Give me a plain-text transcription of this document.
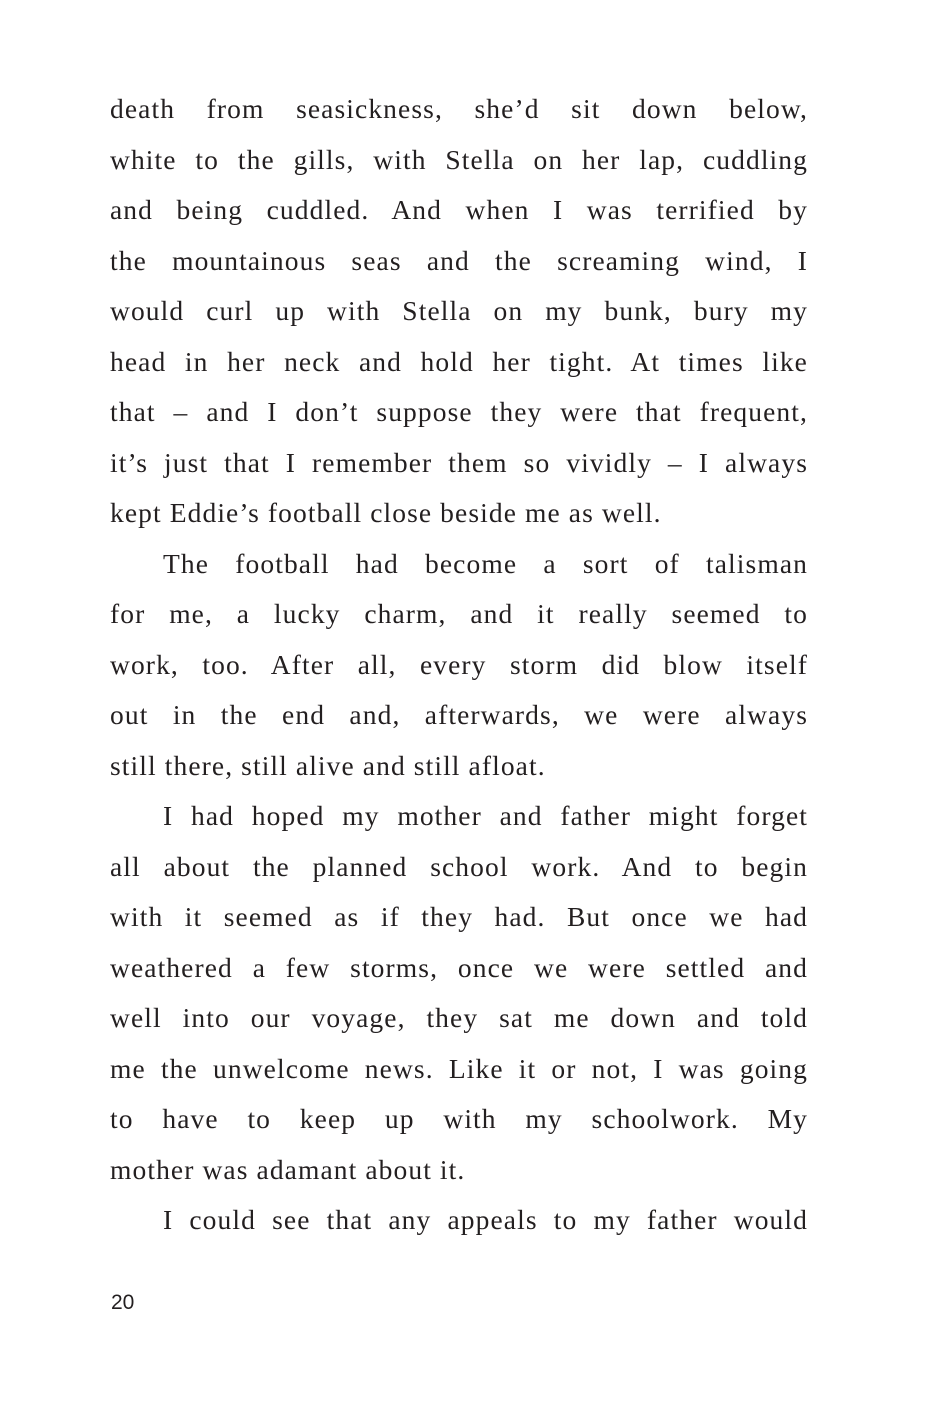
death from seasickness, she’d sit down below,
white to the gills, with Stella on her lap, cuddling
and being cuddled. And when I was terrified by
the mountainous seas and the screaming wind, I
would curl up with Stella on my bunk, bury my
head in her neck and hold her tight. At times like
that – and I don’t suppose they were that frequent,
it’s just that I remember them so vividly – I always
kept Eddie’s football close beside me as well.
The football had become a sort of talisman
for me, a lucky charm, and it really seemed to
work, too. After all, every storm did blow itself
out in the end and, afterwards, we were always
still there, still alive and still afloat.
I had hoped my mother and father might forget
all about the planned school work. And to begin
with it seemed as if they had. But once we had
weathered a few storms, once we were settled and
well into our voyage, they sat me down and told
me the unwelcome news. Like it or not, I was going
to have to keep up with my schoolwork. My
mother was adamant about it.
I could see that any appeals to my father would
20
